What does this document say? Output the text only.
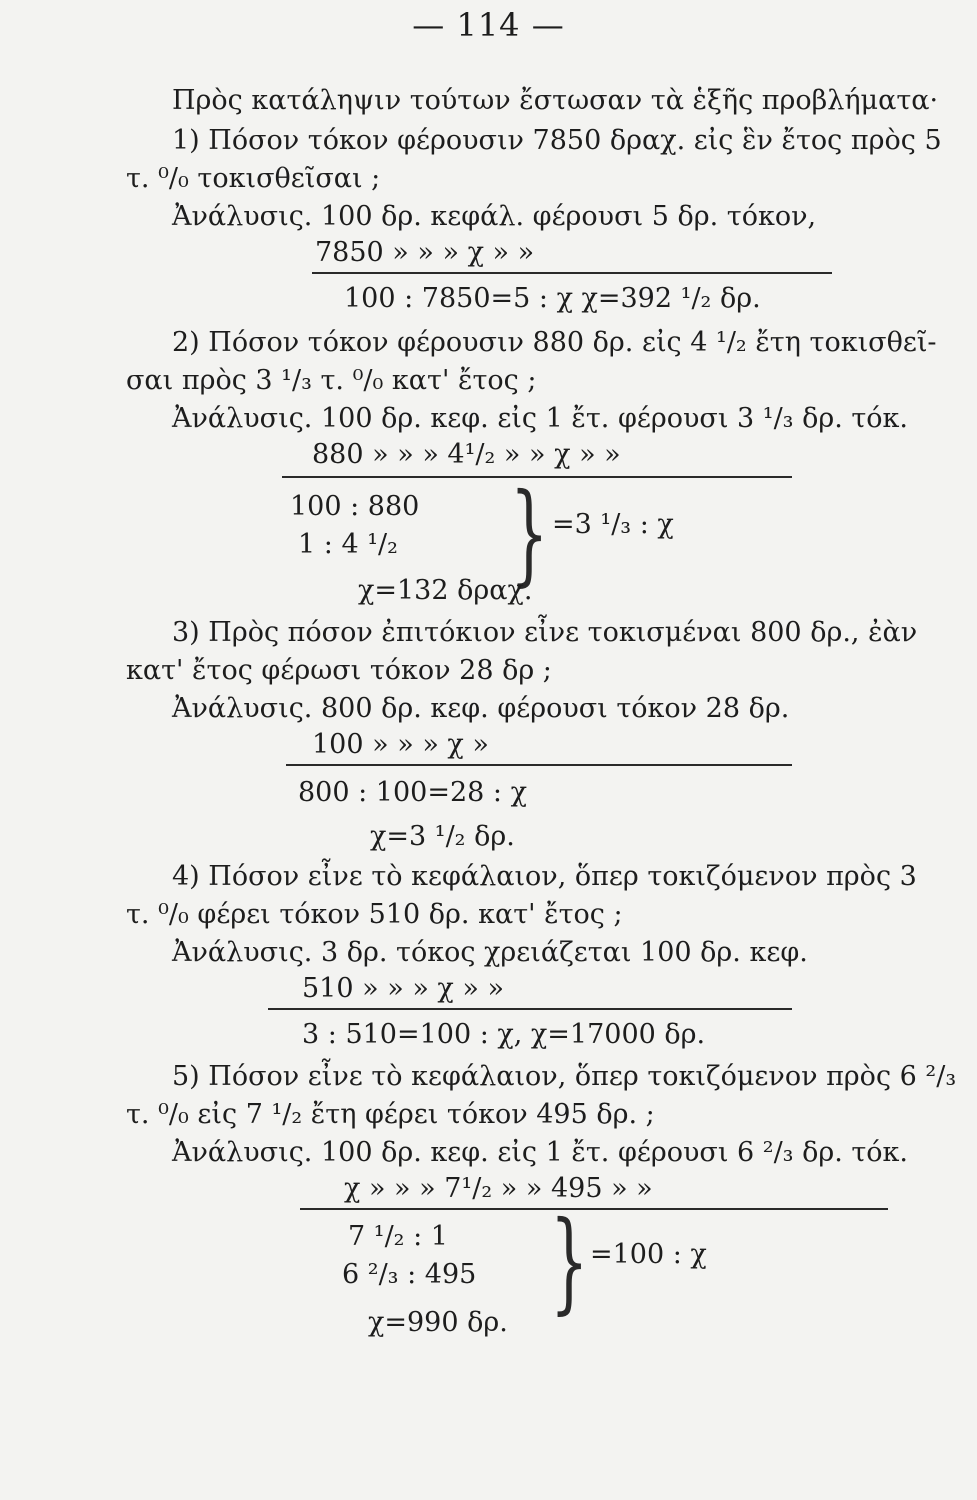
— 114 —
Πρὸς κατάληψιν τούτων ἔστωσαν τὰ ἑξῆς προβλήματα·
1) Πόσον τόκον φέρουσιν 7850 δραχ. εἰς ἓν ἔτος πρὸς 5
τ. ⁰/₀ τοκισθεῖσαι ;
Ἀνάλυσις. 100 δρ. κεφάλ. φέρουσι 5 δρ. τόκον,
7850 » » » χ » »
100 : 7850=5 : χ χ=392 ¹/₂ δρ.
2) Πόσον τόκον φέρουσιν 880 δρ. εἰς 4 ¹/₂ ἔτη τοκισθεῖ-
σαι πρὸς 3 ¹/₃ τ. ⁰/₀ κατ' ἔτος ;
Ἀνάλυσις. 100 δρ. κεφ. εἰς 1 ἔτ. φέρουσι 3 ¹/₃ δρ. τόκ.
880 » » » 4¹/₂ » » χ » »
100 : 880
1 : 4 ¹/₂ } =3 ¹/₃ : χ
χ=132 δραχ.
3) Πρὸς πόσον ἐπιτόκιον εἶνε τοκισμέναι 800 δρ., ἐὰν
κατ' ἔτος φέρωσι τόκον 28 δρ ;
Ἀνάλυσις. 800 δρ. κεφ. φέρουσι τόκον 28 δρ.
100 » » » χ »
800 : 100=28 : χ
χ=3 ¹/₂ δρ.
4) Πόσον εἶνε τὸ κεφάλαιον, ὅπερ τοκιζόμενον πρὸς 3
τ. ⁰/₀ φέρει τόκον 510 δρ. κατ' ἔτος ;
Ἀνάλυσις. 3 δρ. τόκος χρειάζεται 100 δρ. κεφ.
510 » » » χ » »
3 : 510=100 : χ, χ=17000 δρ.
5) Πόσον εἶνε τὸ κεφάλαιον, ὅπερ τοκιζόμενον πρὸς 6 ²/₃
τ. ⁰/₀ εἰς 7 ¹/₂ ἔτη φέρει τόκον 495 δρ. ;
Ἀνάλυσις. 100 δρ. κεφ. εἰς 1 ἔτ. φέρουσι 6 ²/₃ δρ. τόκ.
χ » » » 7¹/₂ » » 495 » »
7 ¹/₂ : 1
6 ²/₃ : 495 } =100 : χ
χ=990 δρ.
